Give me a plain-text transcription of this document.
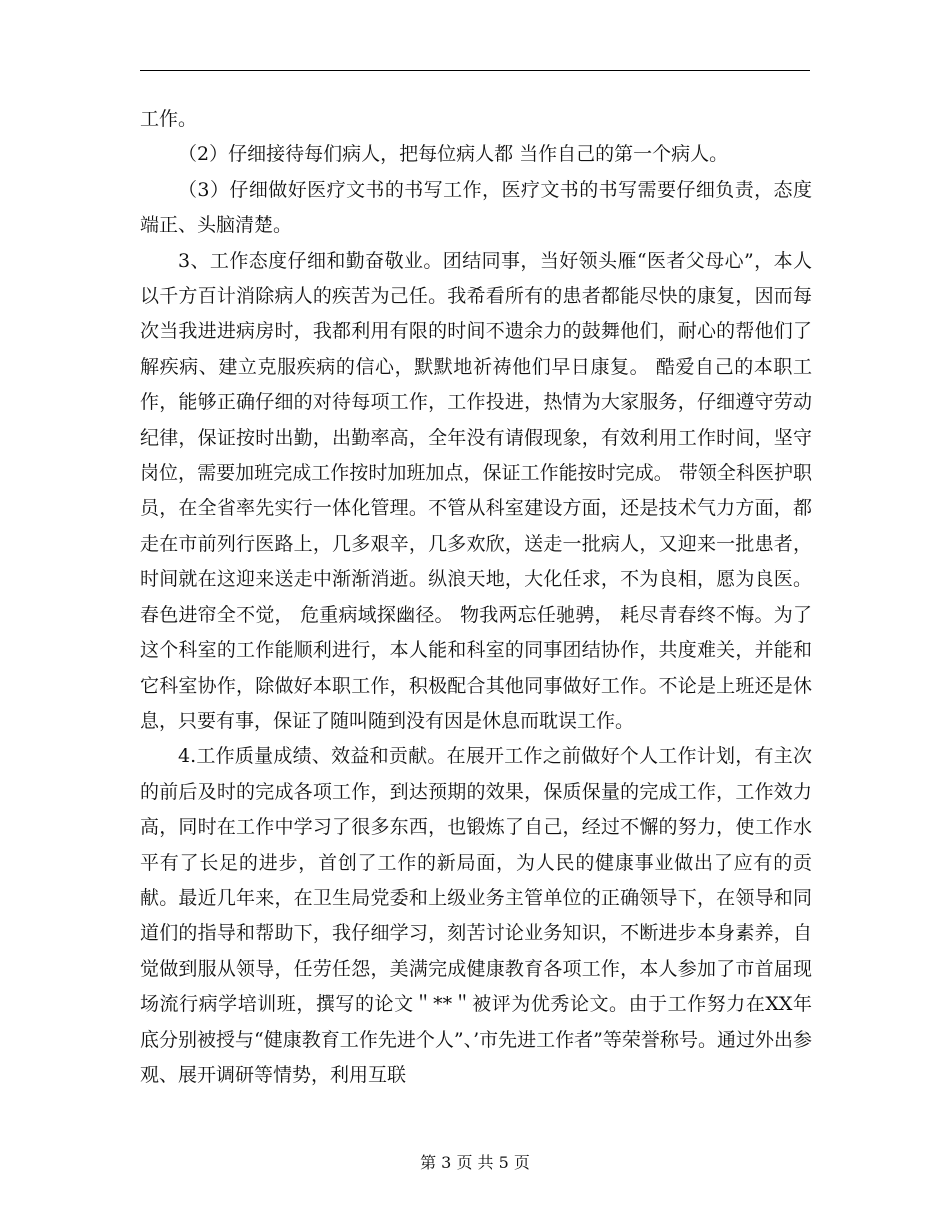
工作。

（2）仔细接待每们病人，把每位病人都 当作自己的第一个病人。

（3）仔细做好医疗文书的书写工作，医疗文书的书写需要仔细负责，态度端正、头脑清楚。

3、工作态度仔细和勤奋敬业。团结同事，当好领头雁“医者父母心”，本人以千方百计消除病人的疾苦为己任。我希看所有的患者都能尽快的康复，因而每次当我进进病房时，我都利用有限的时间不遗余力的鼓舞他们，耐心的帮他们了解疾病、建立克服疾病的信心，默默地祈祷他们早日康复。 酷爱自己的本职工作，能够正确仔细的对待每项工作，工作投进，热情为大家服务，仔细遵守劳动纪律，保证按时出勤，出勤率高，全年没有请假现象，有效利用工作时间，坚守岗位，需要加班完成工作按时加班加点，保证工作能按时完成。 带领全科医护职员，在全省率先实行一体化管理。不管从科室建设方面，还是技术气力方面，都走在市前列行医路上，几多艰辛，几多欢欣，送走一批病人，又迎来一批患者，时间就在这迎来送走中渐渐消逝。纵浪天地，大化任求，不为良相，愿为良医。春色进帘全不觉， 危重病域探幽径。 物我两忘任驰骋， 耗尽青春终不悔。为了这个科室的工作能顺利进行，本人能和科室的同事团结协作，共度难关，并能和它科室协作，除做好本职工作，积极配合其他同事做好工作。不论是上班还是休息，只要有事，保证了随叫随到没有因是休息而耽误工作。

4.工作质量成绩、效益和贡献。在展开工作之前做好个人工作计划，有主次的前后及时的完成各项工作，到达预期的效果，保质保量的完成工作，工作效力高，同时在工作中学习了很多东西，也锻炼了自己，经过不懈的努力，使工作水平有了长足的进步，首创了工作的新局面，为人民的健康事业做出了应有的贡献。最近几年来，在卫生局党委和上级业务主管单位的正确领导下，在领导和同道们的指导和帮助下，我仔细学习，刻苦讨论业务知识，不断进步本身素养，自觉做到服从领导，任劳任怨，美满完成健康教育各项工作，本人参加了市首届现场流行病学培训班，撰写的论文＂**＂被评为优秀论文。由于工作努力在XX年底分别被授与“健康教育工作先进个人”、’市先进工作者”等荣誉称号。通过外出参观、展开调研等情势，利用互联

第 3 页 共 5 页
